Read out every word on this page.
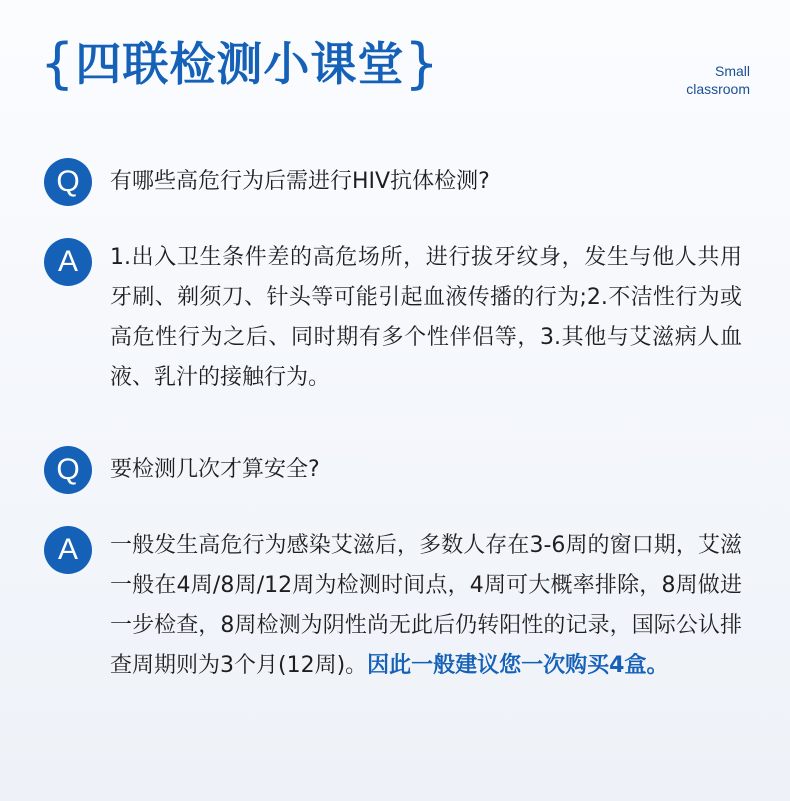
{四联检测小课堂}	Small
classroom
Q	有哪些高危行为后需进行HIV抗体检测?
A	1.出入卫生条件差的高危场所，进行拔牙纹身，发生与他人共用牙刷、剃须刀、针头等可能引起血液传播的行为;2.不洁性行为或高危性行为之后、同时期有多个性伴侣等，3.其他与艾滋病人血液、乳汁的接触行为。
Q	要检测几次才算安全?
A	一般发生高危行为感染艾滋后，多数人存在3-6周的窗口期，艾滋一般在4周/8周/12周为检测时间点，4周可大概率排除，8周做进一步检查，8周检测为阴性尚无此后仍转阳性的记录，国际公认排查周期则为3个月(12周)。因此一般建议您一次购买4盒。
